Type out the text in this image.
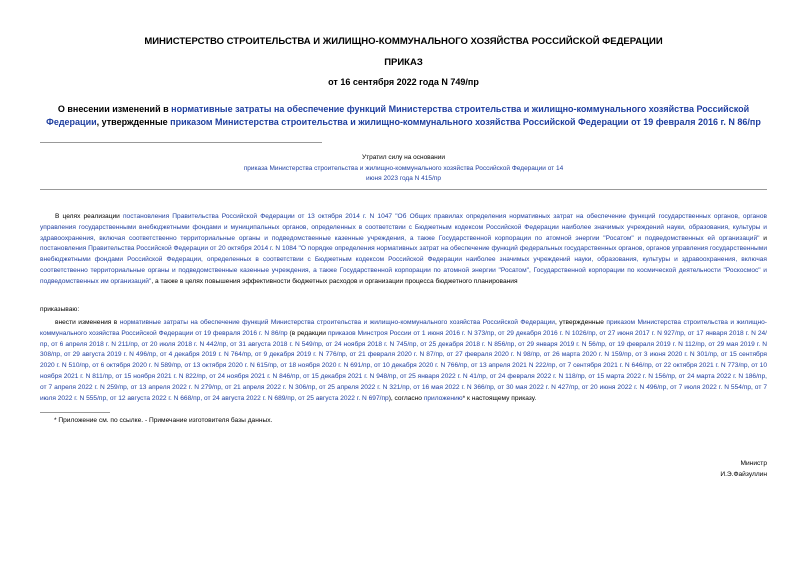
МИНИСТЕРСТВО СТРОИТЕЛЬСТВА И ЖИЛИЩНО-КОММУНАЛЬНОГО ХОЗЯЙСТВА РОССИЙСКОЙ ФЕДЕРАЦИИ
ПРИКАЗ
от 16 сентября 2022 года N 749/пр
О внесении изменений в нормативные затраты на обеспечение функций Министерства строительства и жилищно-коммунального хозяйства Российской Федерации, утвержденные приказом Министерства строительства и жилищно-коммунального хозяйства Российской Федерации от 19 февраля 2016 г. N 86/пр
Утратил силу на основании
приказа Министерства строительства и жилищно-коммунального хозяйства Российской Федерации от 14 июня 2023 года N 415/пр
В целях реализации постановления Правительства Российской Федерации от 13 октября 2014 г. N 1047 "Об Общих правилах определения нормативных затрат на обеспечение функций государственных органов, органов управления государственными внебюджетными фондами и муниципальных органов, определенных в соответствии с Бюджетным кодексом Российской Федерации наиболее значимых учреждений науки, образования, культуры и здравоохранения, включая соответственно территориальные органы и подведомственные казенные учреждения, а также Государственной корпорации по атомной энергии "Росатом" и подведомственных ей организаций" и постановления Правительства Российской Федерации от 20 октября 2014 г. N 1084 "О порядке определения нормативных затрат на обеспечение функций федеральных государственных органов, органов управления государственными внебюджетными фондами Российской Федерации, определенных в соответствии с Бюджетным кодексом Российской Федерации наиболее значимых учреждений науки, образования, культуры и здравоохранения, включая соответственно территориальные органы и подведомственные казенные учреждения, а также Государственной корпорации по атомной энергии "Росатом", Государственной корпорации по космической деятельности "Роскосмос" и подведомственных им организаций", а также в целях повышения эффективности бюджетных расходов и организации процесса бюджетного планирования
приказываю:
внести изменения в нормативные затраты на обеспечение функций Министерства строительства и жилищно-коммунального хозяйства Российской Федерации, утвержденные приказом Министерства строительства и жилищно-коммунального хозяйства Российской Федерации от 19 февраля 2016 г. N 86/пр (в редакции приказов Минстроя России от 1 июня 2016 г. N 373/пр, от 29 декабря 2016 г. N 1026/пр, от 27 июня 2017 г. N 927/пр, от 17 января 2018 г. N 24/пр, от 6 апреля 2018 г. N 211/пр, от 20 июля 2018 г. N 442/пр, от 31 августа 2018 г. N 549/пр, от 24 ноября 2018 г. N 745/пр, от 25 декабря 2018 г. N 856/пр, от 29 января 2019 г. N 56/пр, от 19 февраля 2019 г. N 112/пр, от 29 мая 2019 г. N 308/пр, от 29 августа 2019 г. N 496/пр, от 4 декабря 2019 г. N 764/пр, от 9 декабря 2019 г. N 776/пр, от 21 февраля 2020 г. N 87/пр, от 27 февраля 2020 г. N 98/пр, от 26 марта 2020 г. N 159/пр, от 3 июня 2020 г. N 301/пр, от 15 сентября 2020 г. N 510/пр, от 6 октября 2020 г. N 589/пр, от 13 октября 2020 г. N 615/пр, от 18 ноября 2020 г. N 691/пр, от 10 декабря 2020 г. N 766/пр, от 13 апреля 2021 N 222/пр, от 7 сентября 2021 г. N 646/пр, от 22 октября 2021 г. N 773/пр, от 10 ноября 2021 г. N 811/пр, от 15 ноября 2021 г. N 822/пр, от 24 ноября 2021 г. N 846/пр, от 15 декабря 2021 г. N 948/пр, от 25 января 2022 г. N 41/пр, от 24 февраля 2022 г. N 118/пр, от 15 марта 2022 г. N 156/пр, от 24 марта 2022 г. N 186/пр, от 7 апреля 2022 г. N 259/пр, от 13 апреля 2022 г. N 279/пр, от 21 апреля 2022 г. N 306/пр, от 25 апреля 2022 г. N 321/пр, от 16 мая 2022 г. N 366/пр, от 30 мая 2022 г. N 427/пр, от 20 июня 2022 г. N 496/пр, от 7 июля 2022 г. N 554/пр, от 7 июля 2022 г. N 555/пр, от 12 августа 2022 г. N 668/пр, от 24 августа 2022 г. N 689/пр, от 25 августа 2022 г. N 697/пр), согласно приложению* к настоящему приказу.
* Приложение см. по ссылке. - Примечание изготовителя базы данных.
Министр
И.Э.Файзуллин
